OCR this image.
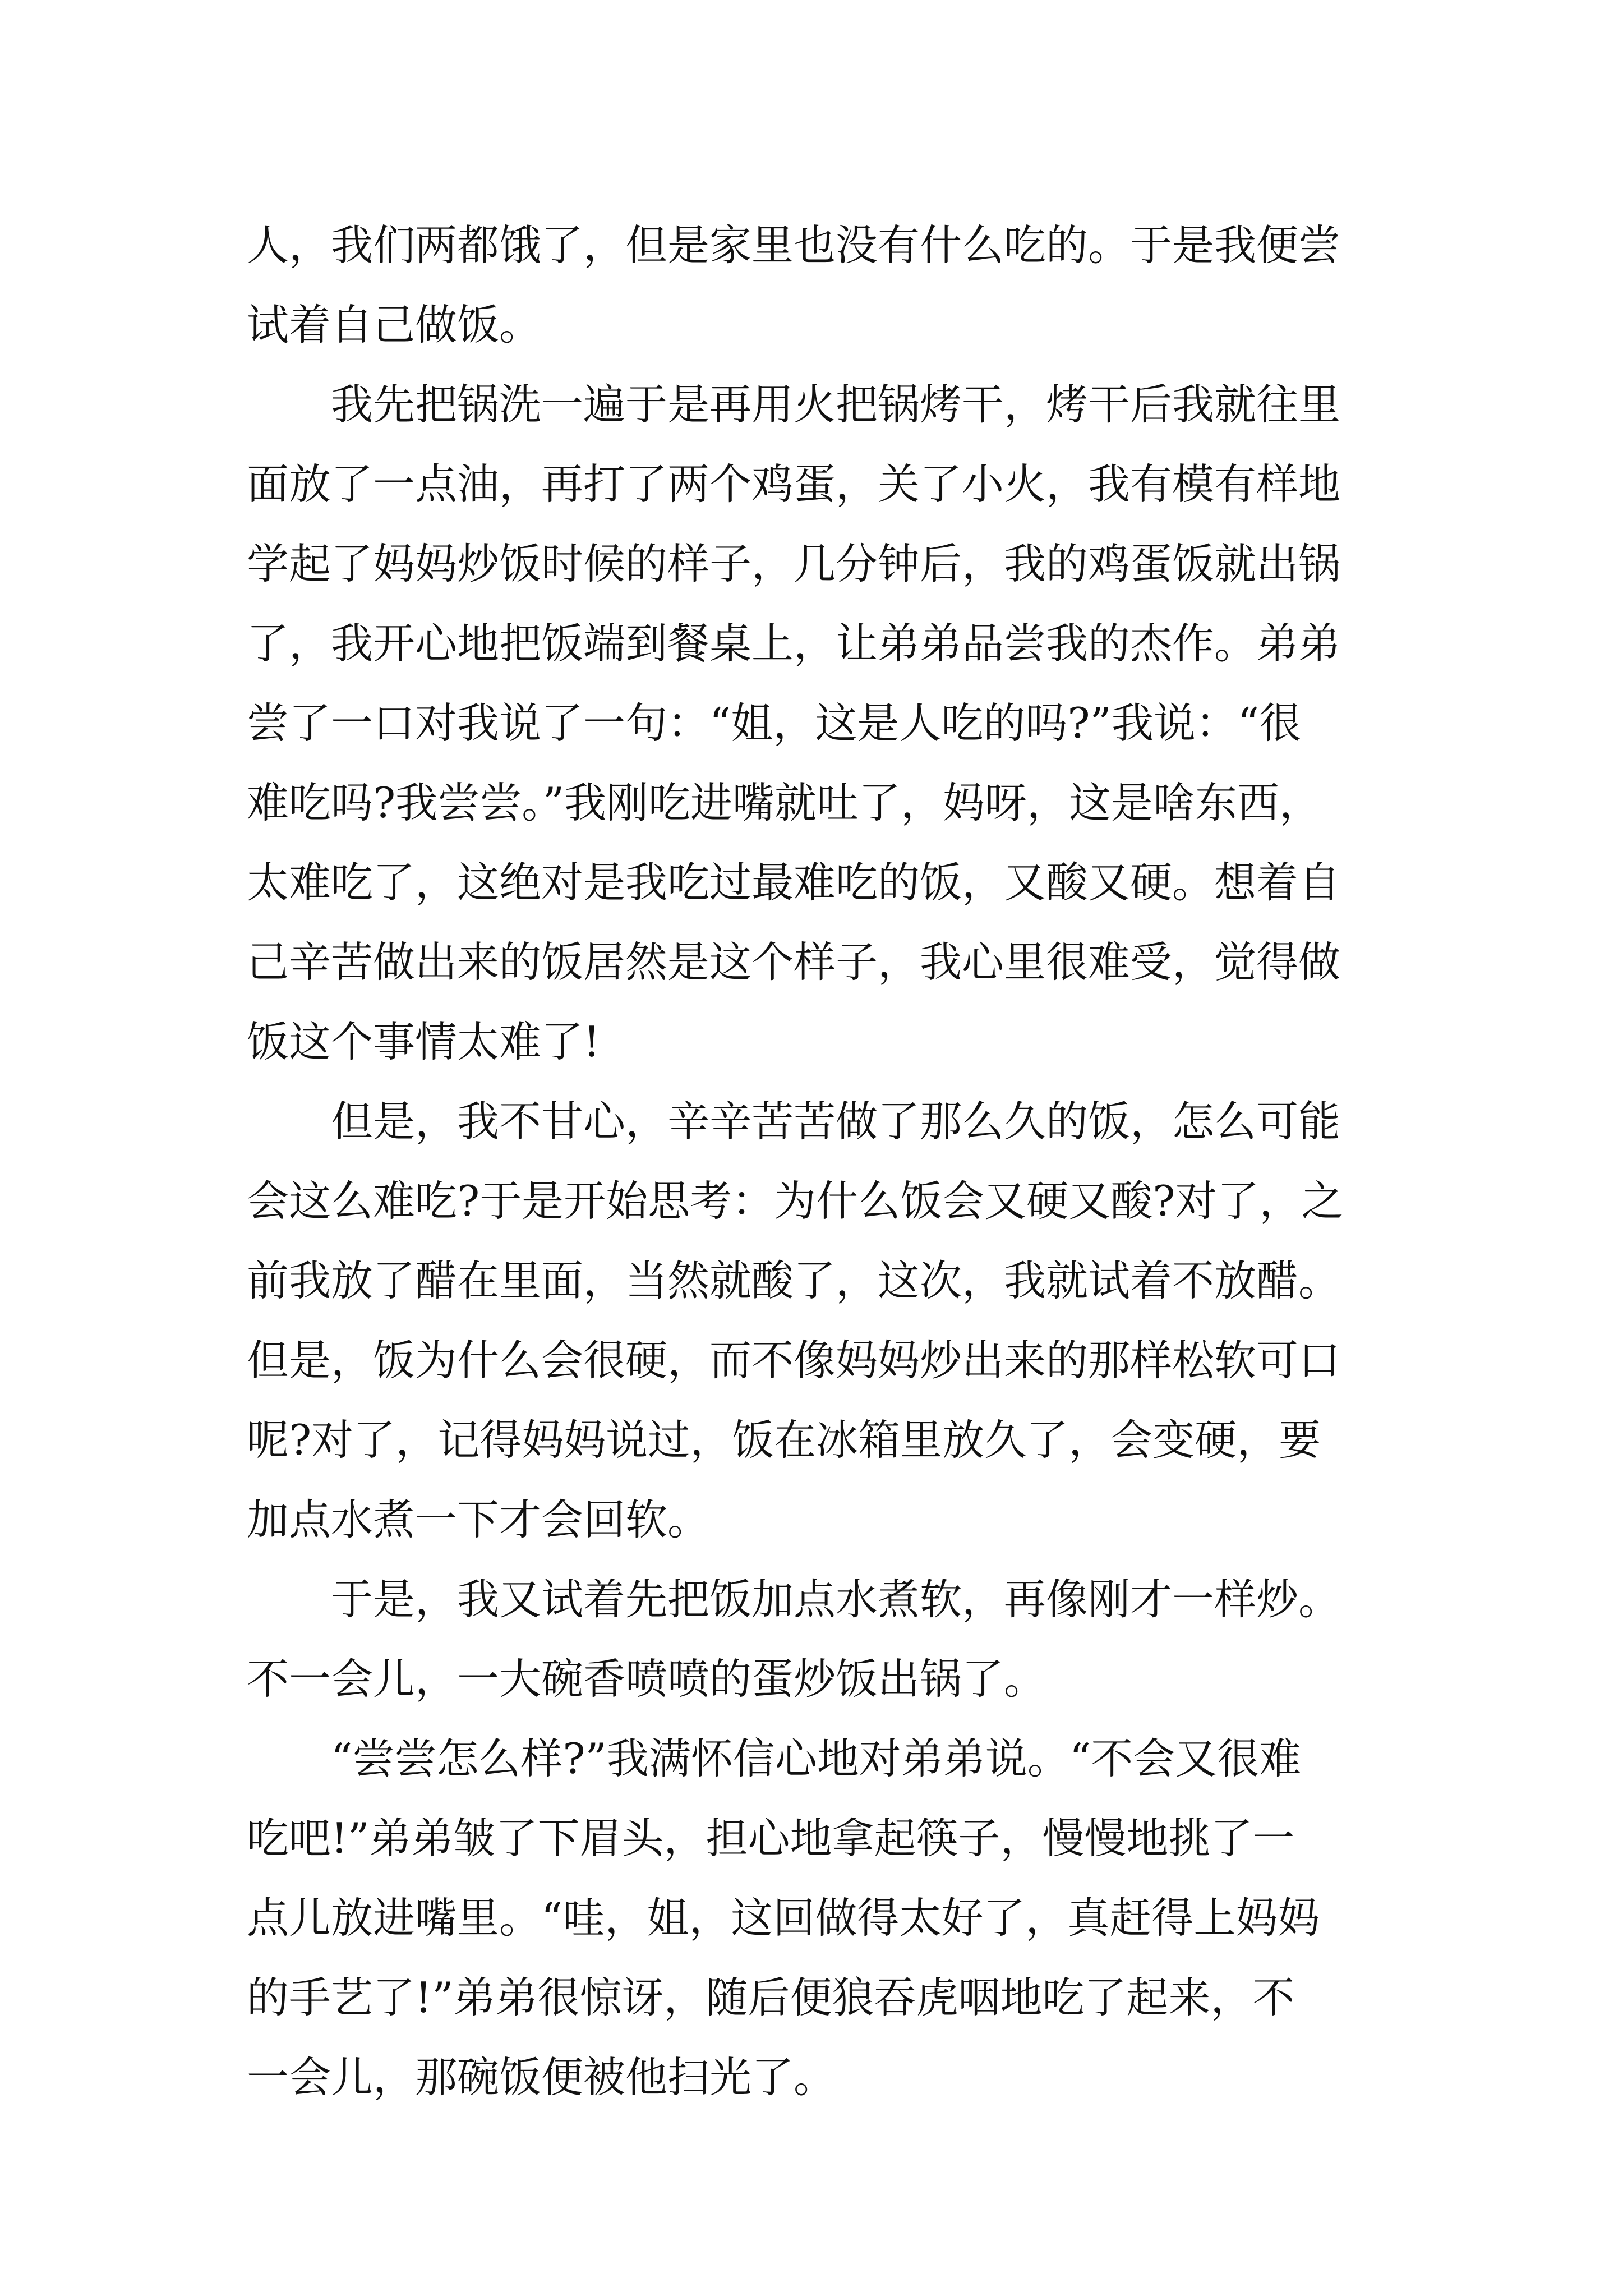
人，我们两都饿了，但是家里也没有什么吃的。于是我便尝
试着自己做饭。
我先把锅洗一遍于是再用火把锅烤干，烤干后我就往里
面放了一点油，再打了两个鸡蛋，关了小火，我有模有样地
学起了妈妈炒饭时候的样子，几分钟后，我的鸡蛋饭就出锅
了，我开心地把饭端到餐桌上，让弟弟品尝我的杰作。弟弟
尝了一口对我说了一句：“姐，这是人吃的吗?”我说：“很
难吃吗?我尝尝。”我刚吃进嘴就吐了，妈呀，这是啥东西，
太难吃了，这绝对是我吃过最难吃的饭，又酸又硬。想着自
己辛苦做出来的饭居然是这个样子，我心里很难受，觉得做
饭这个事情太难了!
但是，我不甘心，辛辛苦苦做了那么久的饭，怎么可能
会这么难吃?于是开始思考：为什么饭会又硬又酸?对了，之
前我放了醋在里面，当然就酸了，这次，我就试着不放醋。
但是，饭为什么会很硬，而不像妈妈炒出来的那样松软可口
呢?对了，记得妈妈说过，饭在冰箱里放久了，会变硬，要
加点水煮一下才会回软。
于是，我又试着先把饭加点水煮软，再像刚才一样炒。
不一会儿，一大碗香喷喷的蛋炒饭出锅了。
“尝尝怎么样?”我满怀信心地对弟弟说。“不会又很难
吃吧!”弟弟皱了下眉头，担心地拿起筷子，慢慢地挑了一
点儿放进嘴里。“哇，姐，这回做得太好了，真赶得上妈妈
的手艺了!”弟弟很惊讶，随后便狼吞虎咽地吃了起来，不
一会儿，那碗饭便被他扫光了。
